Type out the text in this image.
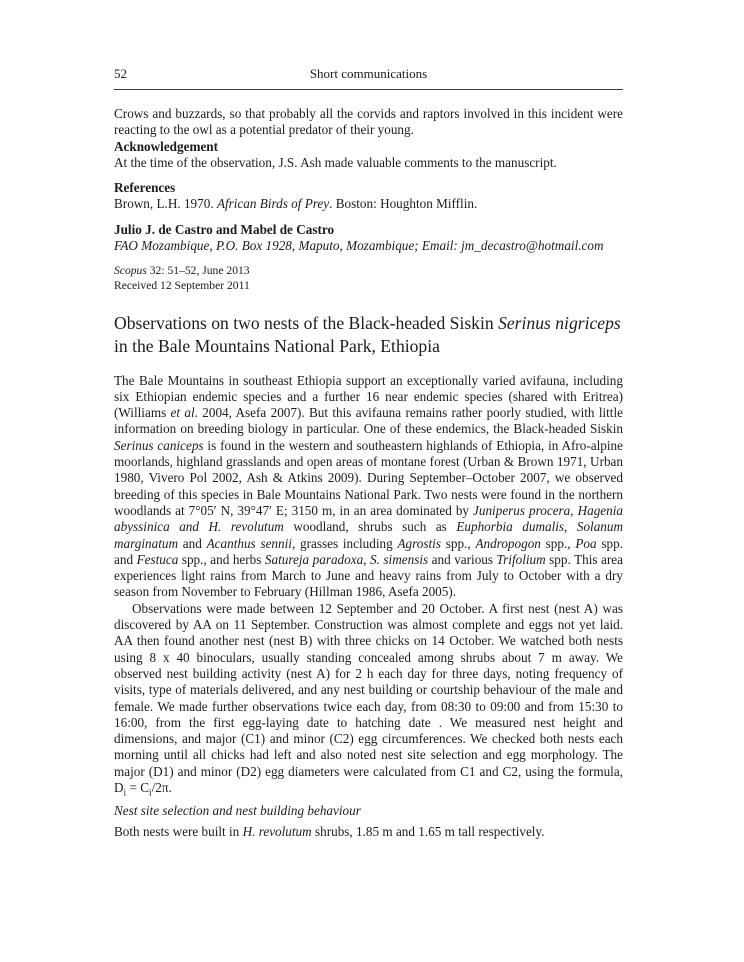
52	Short communications

Crows and buzzards, so that probably all the corvids and raptors involved in this incident were reacting to the owl as a potential predator of their young.

Acknowledgement

At the time of the observation, J.S. Ash made valuable comments to the manuscript.

References

Brown, L.H. 1970. African Birds of Prey. Boston: Houghton Mifflin.

Julio J. de Castro and Mabel de Castro

FAO Mozambique, P.O. Box 1928, Maputo, Mozambique; Email: jm_decastro@hotmail.com

Scopus 32: 51–52, June 2013

Received 12 September 2011

Observations on two nests of the Black-headed Siskin Serinus nigriceps in the Bale Mountains National Park, Ethiopia

The Bale Mountains in southeast Ethiopia support an exceptionally varied avifauna, including six Ethiopian endemic species and a further 16 near endemic species (shared with Eritrea) (Williams et al. 2004, Asefa 2007). But this avifauna remains rather poorly studied, with little information on breeding biology in particular. One of these endemics, the Black-headed Siskin Serinus caniceps is found in the western and southeastern highlands of Ethiopia, in Afro-alpine moorlands, highland grasslands and open areas of montane forest (Urban & Brown 1971, Urban 1980, Vivero Pol 2002, Ash & Atkins 2009). During September–October 2007, we observed breeding of this species in Bale Mountains National Park. Two nests were found in the northern woodlands at 7°05′ N, 39°47′ E; 3150 m, in an area dominated by Juniperus procera, Hagenia abyssinica and H. revolutum woodland, shrubs such as Euphorbia dumalis, Solanum marginatum and Acanthus sennii, grasses including Agrostis spp., Andropogon spp., Poa spp. and Festuca spp., and herbs Satureja paradoxa, S. simensis and various Trifolium spp. This area experiences light rains from March to June and heavy rains from July to October with a dry season from November to February (Hillman 1986, Asefa 2005).

Observations were made between 12 September and 20 October. A first nest (nest A) was discovered by AA on 11 September. Construction was almost complete and eggs not yet laid. AA then found another nest (nest B) with three chicks on 14 October. We watched both nests using 8 x 40 binoculars, usually standing concealed among shrubs about 7 m away. We observed nest building activity (nest A) for 2 h each day for three days, noting frequency of visits, type of materials delivered, and any nest building or courtship behaviour of the male and female. We made further observations twice each day, from 08:30 to 09:00 and from 15:30 to 16:00, from the first egg-laying date to hatching date . We measured nest height and dimensions, and major (C1) and minor (C2) egg circumferences. We checked both nests each morning until all chicks had left and also noted nest site selection and egg morphology. The major (D1) and minor (D2) egg diameters were calculated from C1 and C2, using the formula, $D_i = C_i/2\pi$.

Nest site selection and nest building behaviour

Both nests were built in H. revolutum shrubs, 1.85 m and 1.65 m tall respectively.
